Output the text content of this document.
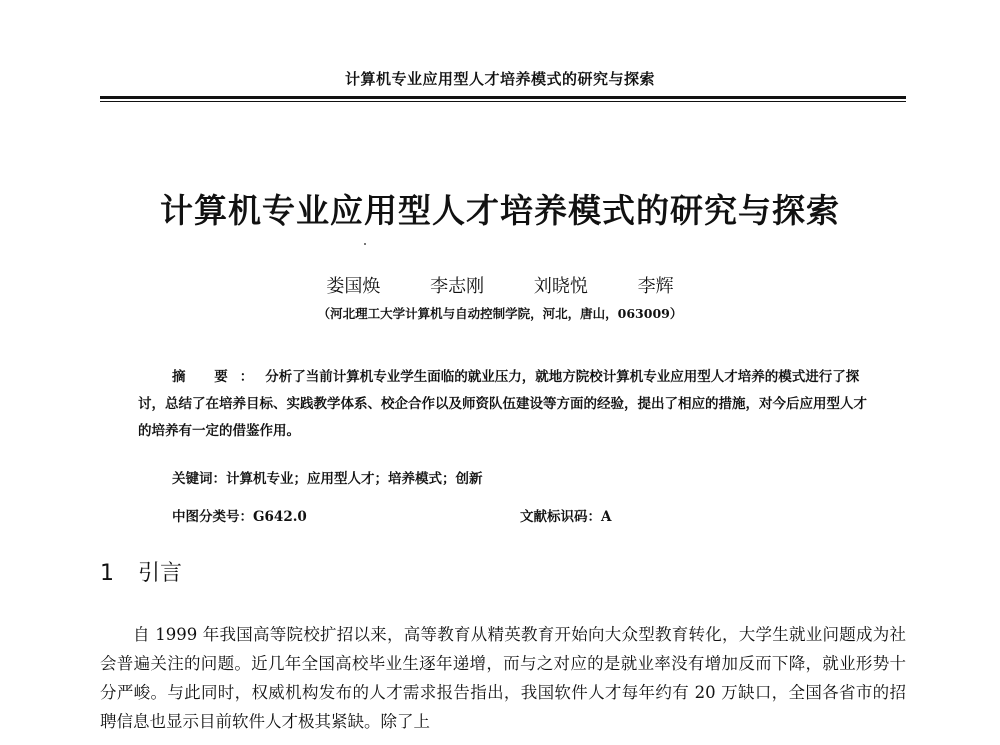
计算机专业应用型人才培养模式的研究与探索
计算机专业应用型人才培养模式的研究与探索
娄国焕	李志刚	刘晓悦	李辉
（河北理工大学计算机与自动控制学院，河北，唐山，063009）

摘 要：分析了当前计算机专业学生面临的就业压力，就地方院校计算机专业应用型人才培养的模式进行了探讨，总结了在培养目标、实践教学体系、校企合作以及师资队伍建设等方面的经验，提出了相应的措施，对今后应用型人才的培养有一定的借鉴作用。

关键词：计算机专业；应用型人才；培养模式；创新
中图分类号：G642.0	文献标识码：A
1 引言

自 1999 年我国高等院校扩招以来，高等教育从精英教育开始向大众型教育转化，大学生就业问题成为社会普遍关注的问题。近几年全国高校毕业生逐年递增，而与之对应的是就业率没有增加反而下降，就业形势十分严峻。与此同时，权威机构发布的人才需求报告指出，我国软件人才每年约有 20 万缺口，全国各省市的招聘信息也显示目前软件人才极其紧缺。除了上
